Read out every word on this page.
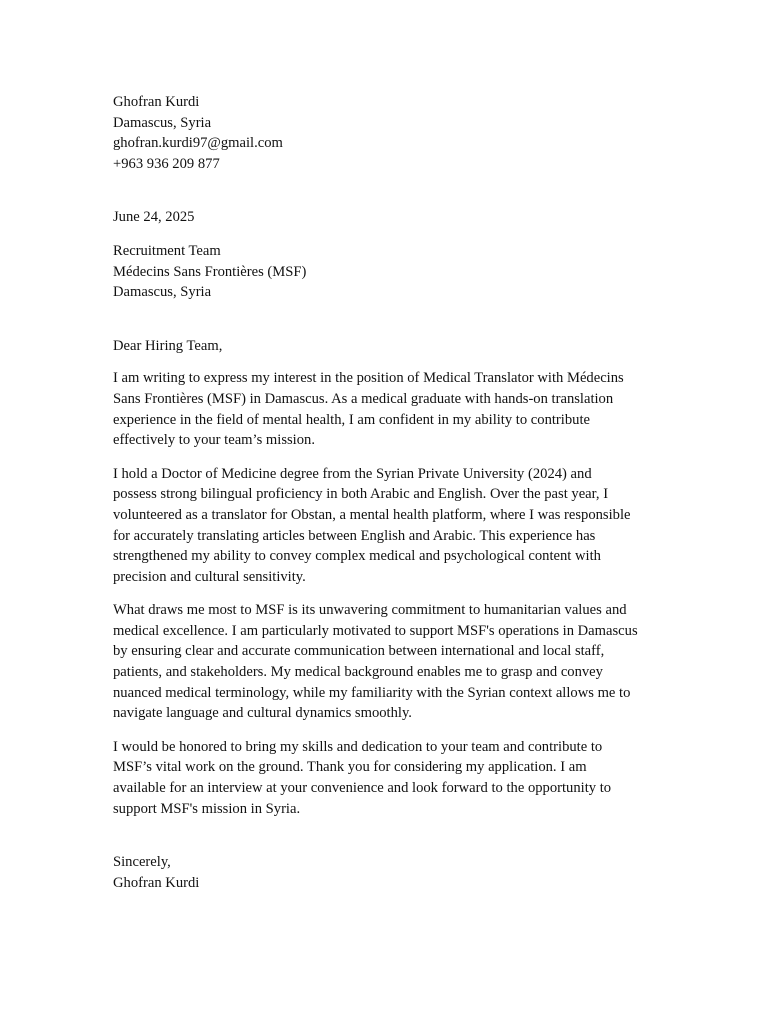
Ghofran Kurdi
Damascus, Syria
ghofran.kurdi97@gmail.com
+963 936 209 877
June 24, 2025
Recruitment Team
Médecins Sans Frontières (MSF)
Damascus, Syria
Dear Hiring Team,
I am writing to express my interest in the position of Medical Translator with Médecins
Sans Frontières (MSF) in Damascus. As a medical graduate with hands-on translation
experience in the field of mental health, I am confident in my ability to contribute
effectively to your team’s mission.
I hold a Doctor of Medicine degree from the Syrian Private University (2024) and
possess strong bilingual proficiency in both Arabic and English. Over the past year, I
volunteered as a translator for Obstan, a mental health platform, where I was responsible
for accurately translating articles between English and Arabic. This experience has
strengthened my ability to convey complex medical and psychological content with
precision and cultural sensitivity.
What draws me most to MSF is its unwavering commitment to humanitarian values and
medical excellence. I am particularly motivated to support MSF's operations in Damascus
by ensuring clear and accurate communication between international and local staff,
patients, and stakeholders. My medical background enables me to grasp and convey
nuanced medical terminology, while my familiarity with the Syrian context allows me to
navigate language and cultural dynamics smoothly.
I would be honored to bring my skills and dedication to your team and contribute to
MSF’s vital work on the ground. Thank you for considering my application. I am
available for an interview at your convenience and look forward to the opportunity to
support MSF's mission in Syria.
Sincerely,
Ghofran Kurdi
